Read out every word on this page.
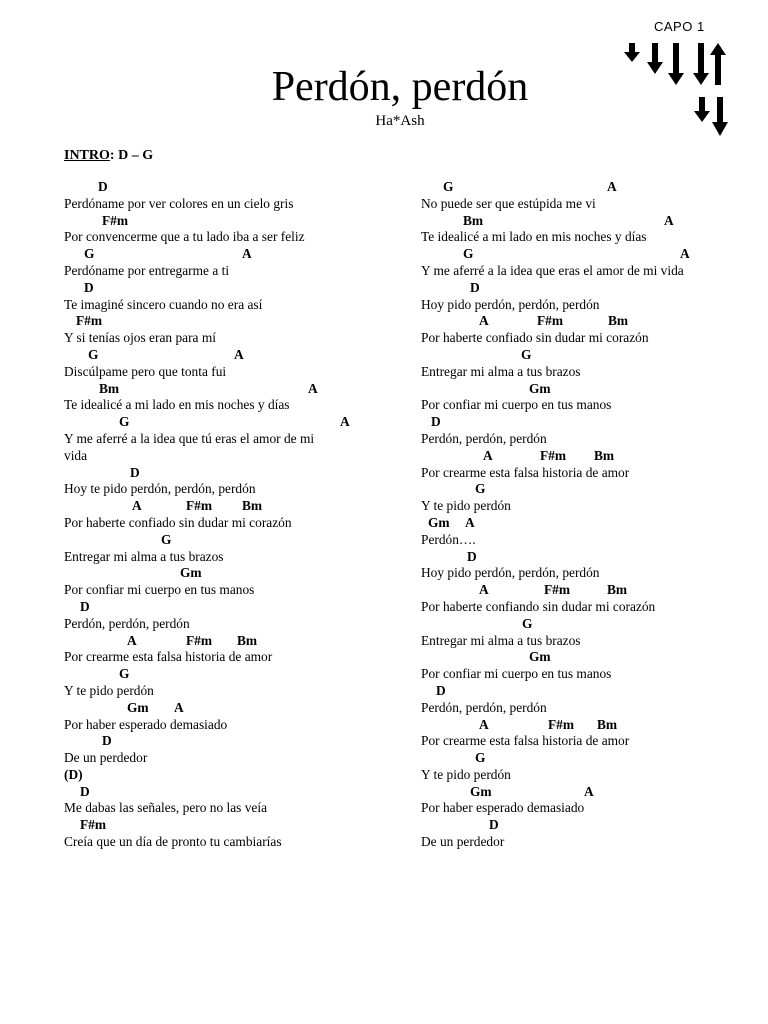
CAPO 1
Perdón, perdón
Ha*Ash
INTRO: D – G
D
Perdóname por ver colores en un cielo gris
F#m
Por convencerme que a tu lado iba a ser feliz
G	A
Perdóname por entregarme a ti
D
Te imaginé sincero cuando no era así
F#m
Y si tenías ojos eran para mí
G	A
Discúlpame pero que tonta fui
Bm	A
Te idealicé a mi lado en mis noches y días
G	A
Y me aferré a la idea que tú eras el amor de mi
vida
D
Hoy te pido perdón, perdón, perdón
A	F#m Bm
Por haberte confiado sin dudar mi corazón
G
Entregar mi alma a tus brazos
Gm
Por confiar mi cuerpo en tus manos
D
Perdón, perdón, perdón
A	F#m Bm
Por crearme esta falsa historia de amor
G
Y te pido perdón
Gm A
Por haber esperado demasiado
D
De un perdedor
(D)
D
Me dabas las señales, pero no las veía
F#m
Creía que un día de pronto tu cambiarías
G	A
No puede ser que estúpida me vi
Bm	A
Te idealicé a mi lado en mis noches y días
G	A
Y me aferré a la idea que eras el amor de mi vida
D
Hoy pido perdón, perdón, perdón
A	F#m	Bm
Por haberte confiado sin dudar mi corazón
G
Entregar mi alma a tus brazos
Gm
Por confiar mi cuerpo en tus manos
D
Perdón, perdón, perdón
A	F#m Bm
Por crearme esta falsa historia de amor
G
Y te pido perdón
Gm A
Perdón….
D
Hoy pido perdón, perdón, perdón
A	F#m	Bm
Por haberte confiando sin dudar mi corazón
G
Entregar mi alma a tus brazos
Gm
Por confiar mi cuerpo en tus manos
D
Perdón, perdón, perdón
A	F#m Bm
Por crearme esta falsa historia de amor
G
Y te pido perdón
Gm	A
Por haber esperado demasiado
D
De un perdedor
